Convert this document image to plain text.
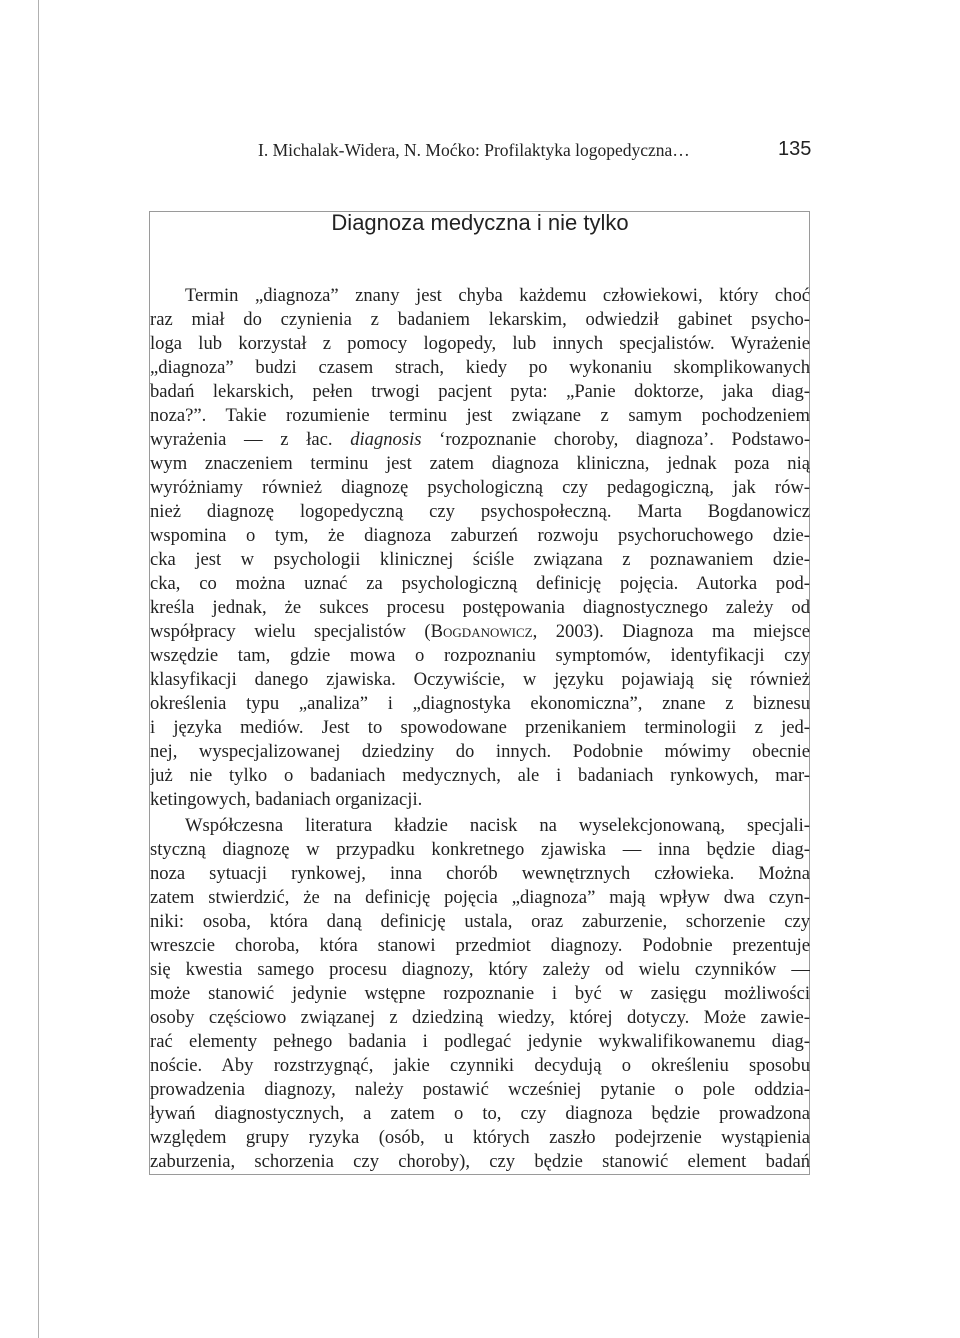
I. Michalak-Widera, N. Moćko: Profilaktyka logopedyczna…	135
Diagnoza medyczna i nie tylko
Termin „diagnoza” znany jest chyba każdemu człowiekowi, który choć
raz miał do czynienia z badaniem lekarskim, odwiedził gabinet psycho-
loga lub korzystał z pomocy logopedy, lub innych specjalistów. Wyrażenie
„diagnoza” budzi czasem strach, kiedy po wykonaniu skomplikowanych
badań lekarskich, pełen trwogi pacjent pyta: „Panie doktorze, jaka diag-
noza?”. Takie rozumienie terminu jest związane z samym pochodzeniem
wyrażenia — z łac. diagnosis ‘rozpoznanie choroby, diagnoza’. Podstawo-
wym znaczeniem terminu jest zatem diagnoza kliniczna, jednak poza nią
wyróżniamy również diagnozę psychologiczną czy pedagogiczną, jak rów-
nież diagnozę logopedyczną czy psychospołeczną. Marta Bogdanowicz
wspomina o tym, że diagnoza zaburzeń rozwoju psychoruchowego dzie-
cka jest w psychologii klinicznej ściśle związana z poznawaniem dzie-
cka, co można uznać za psychologiczną definicję pojęcia. Autorka pod-
kreśla jednak, że sukces procesu postępowania diagnostycznego zależy od
współpracy wielu specjalistów (Bogdanowicz, 2003). Diagnoza ma miejsce
wszędzie tam, gdzie mowa o rozpoznaniu symptomów, identyfikacji czy
klasyfikacji danego zjawiska. Oczywiście, w języku pojawiają się również
określenia typu „analiza” i „diagnostyka ekonomiczna”, znane z biznesu
i języka mediów. Jest to spowodowane przenikaniem terminologii z jed-
nej, wyspecjalizowanej dziedziny do innych. Podobnie mówimy obecnie
już nie tylko o badaniach medycznych, ale i badaniach rynkowych, mar-
ketingowych, badaniach organizacji.
Współczesna literatura kładzie nacisk na wyselekcjonowaną, specjali-
styczną diagnozę w przypadku konkretnego zjawiska — inna będzie diag-
noza sytuacji rynkowej, inna chorób wewnętrznych człowieka. Można
zatem stwierdzić, że na definicję pojęcia „diagnoza” mają wpływ dwa czyn-
niki: osoba, która daną definicję ustala, oraz zaburzenie, schorzenie czy
wreszcie choroba, która stanowi przedmiot diagnozy. Podobnie prezentuje
się kwestia samego procesu diagnozy, który zależy od wielu czynników —
może stanowić jedynie wstępne rozpoznanie i być w zasięgu możliwości
osoby częściowo związanej z dziedziną wiedzy, której dotyczy. Może zawie-
rać elementy pełnego badania i podlegać jedynie wykwalifikowanemu diag-
noście. Aby rozstrzygnąć, jakie czynniki decydują o określeniu sposobu
prowadzenia diagnozy, należy postawić wcześniej pytanie o pole oddzia-
ływań diagnostycznych, a zatem o to, czy diagnoza będzie prowadzona
względem grupy ryzyka (osób, u których zaszło podejrzenie wystąpienia
zaburzenia, schorzenia czy choroby), czy będzie stanowić element badań
